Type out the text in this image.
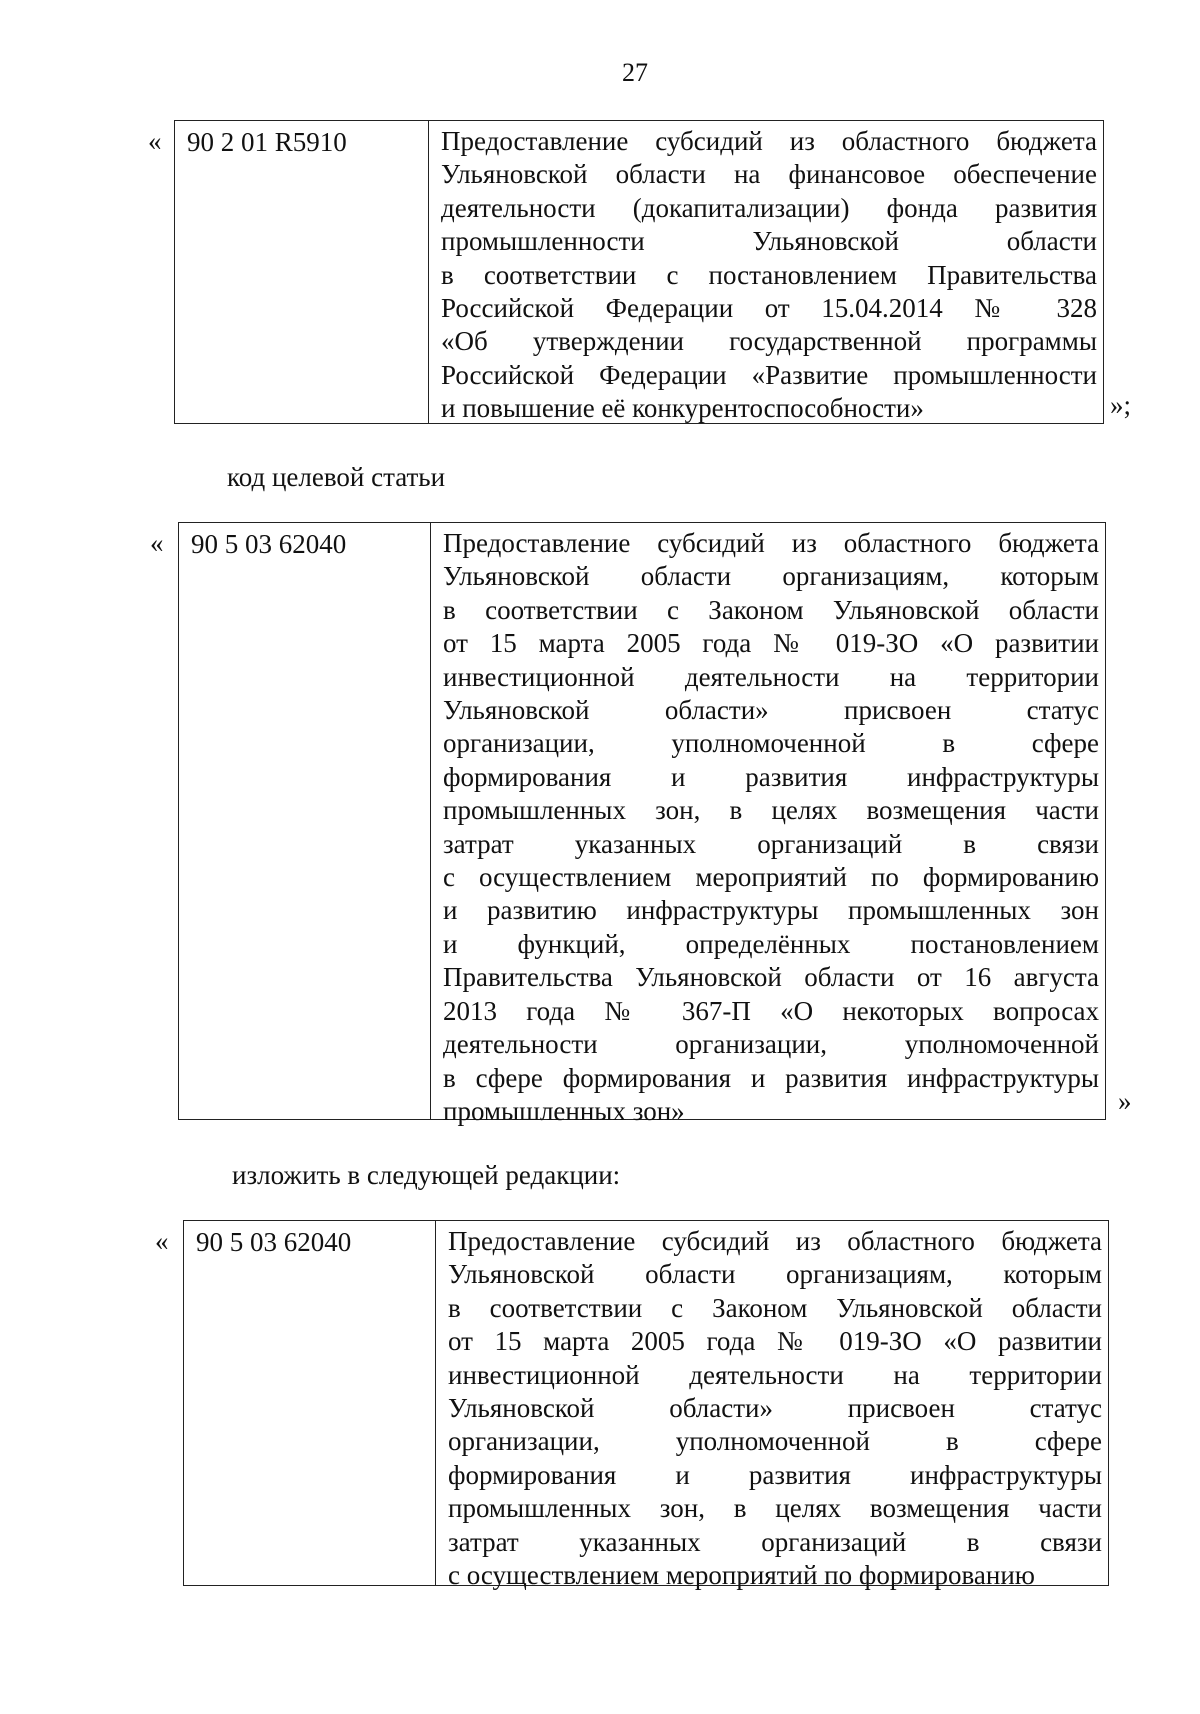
27
« 90 2 01 R5910	Предоставление субсидий из областного бюджета
Ульяновской области на финансовое обеспечение
деятельности (докапитализации) фонда развития
промышленности Ульяновской области
в соответствии с постановлением Правительства
Российской Федерации от 15.04.2014 № 328
«Об утверждении государственной программы
Российской Федерации «Развитие промышленности
и повышение её конкурентоспособности»	»;
код целевой статьи
«	90 5 03 62040	Предоставление субсидий из областного бюджета
Ульяновской области организациям, которым
в соответствии с Законом Ульяновской области
от 15 марта 2005 года № 019-ЗО «О развитии
инвестиционной деятельности на территории
Ульяновской области» присвоен статус
организации, уполномоченной в сфере
формирования и развития инфраструктуры
промышленных зон, в целях возмещения части
затрат указанных организаций в связи
с осуществлением мероприятий по формированию
и развитию инфраструктуры промышленных зон
и функций, определённых постановлением
Правительства Ульяновской области от 16 августа
2013 года № 367-П «О некоторых вопросах
деятельности организации, уполномоченной
в сфере формирования и развития инфраструктуры
промышленных зон»	»
изложить в следующей редакции:
«	90 5 03 62040	Предоставление субсидий из областного бюджета
Ульяновской области организациям, которым
в соответствии с Законом Ульяновской области
от 15 марта 2005 года № 019-ЗО «О развитии
инвестиционной деятельности на территории
Ульяновской области» присвоен статус
организации, уполномоченной в сфере
формирования и развития инфраструктуры
промышленных зон, в целях возмещения части
затрат указанных организаций в связи
с осуществлением мероприятий по формированию
